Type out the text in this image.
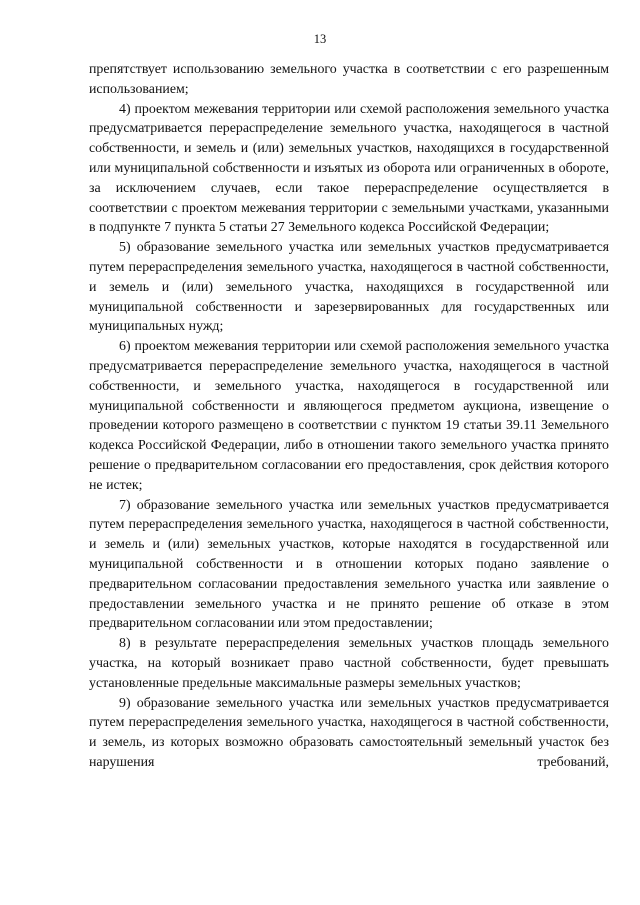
13

препятствует использованию земельного участка в соответствии с его разрешенным использованием;

4) проектом межевания территории или схемой расположения земельного участка предусматривается перераспределение земельного участка, находящегося в частной собственности, и земель и (или) земельных участков, находящихся в государственной или муниципальной собственности и изъятых из оборота или ограниченных в обороте, за исключением случаев, если такое перераспределение осуществляется в соответствии с проектом межевания территории с земельными участками, указанными в подпункте 7 пункта 5 статьи 27 Земельного кодекса Российской Федерации;

5) образование земельного участка или земельных участков предусматривается путем перераспределения земельного участка, находящегося в частной собственности, и земель и (или) земельного участка, находящихся в государственной или муниципальной собственности и зарезервированных для государственных или муниципальных нужд;

6) проектом межевания территории или схемой расположения земельного участка предусматривается перераспределение земельного участка, находящегося в частной собственности, и земельного участка, находящегося в государственной или муниципальной собственности и являющегося предметом аукциона, извещение о проведении которого размещено в соответствии с пунктом 19 статьи 39.11 Земельного кодекса Российской Федерации, либо в отношении такого земельного участка принято решение о предварительном согласовании его предоставления, срок действия которого не истек;

7) образование земельного участка или земельных участков предусматривается путем перераспределения земельного участка, находящегося в частной собственности, и земель и (или) земельных участков, которые находятся в государственной или муниципальной собственности и в отношении которых подано заявление о предварительном согласовании предоставления земельного участка или заявление о предоставлении земельного участка и не принято решение об отказе в этом предварительном согласовании или этом предоставлении;

8) в результате перераспределения земельных участков площадь земельного участка, на который возникает право частной собственности, будет превышать установленные предельные максимальные размеры земельных участков;

9) образование земельного участка или земельных участков предусматривается путем перераспределения земельного участка, находящегося в частной собственности, и земель, из которых возможно образовать самостоятельный земельный участок без нарушения требований,
